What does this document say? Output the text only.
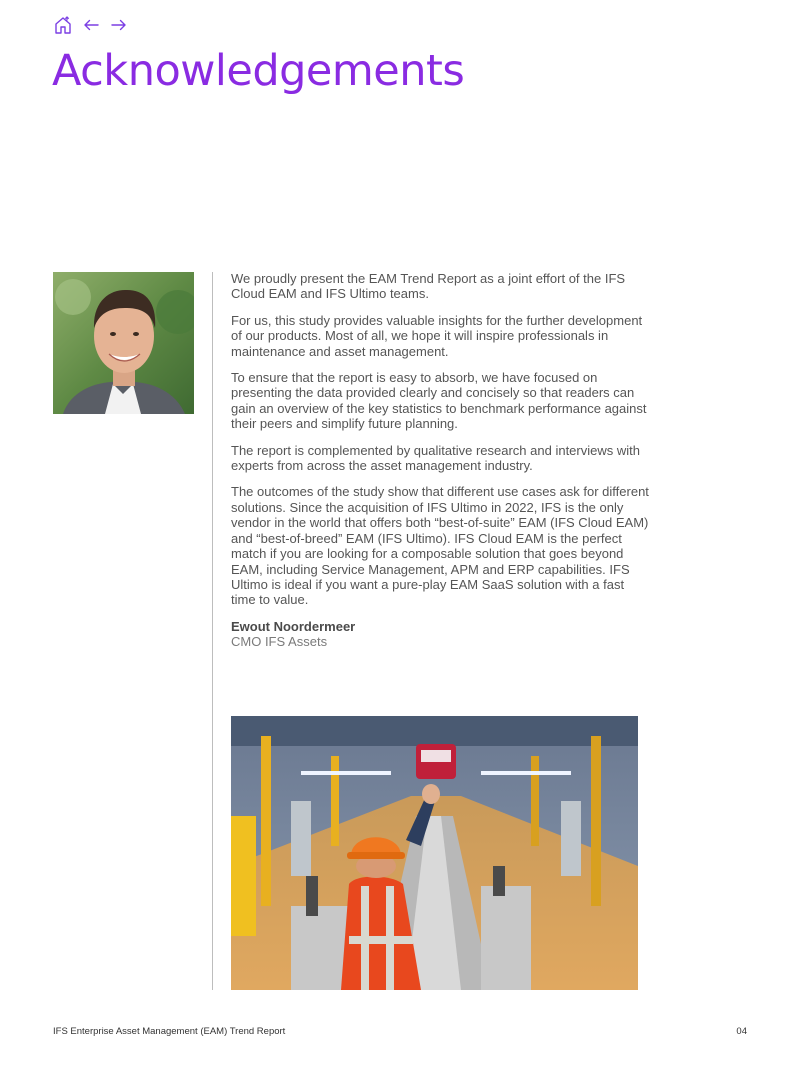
Acknowledgements

We proudly present the EAM Trend Report as a joint effort of the IFS Cloud EAM and IFS Ultimo teams.

For us, this study provides valuable insights for the further development of our products. Most of all, we hope it will inspire professionals in maintenance and asset management.

To ensure that the report is easy to absorb, we have focused on presenting the data provided clearly and concisely so that readers can gain an overview of the key statistics to benchmark performance against their peers and simplify future planning.

The report is complemented by qualitative research and interviews with experts from across the asset management industry.

The outcomes of the study show that different use cases ask for different solutions. Since the acquisition of IFS Ultimo in 2022, IFS is the only vendor in the world that offers both “best-of-suite” EAM (IFS Cloud EAM) and “best-of-breed” EAM (IFS Ultimo). IFS Cloud EAM is the perfect match if you are looking for a composable solution that goes beyond EAM, including Service Management, APM and ERP capabilities. IFS Ultimo is ideal if you want a pure-play EAM SaaS solution with a fast time to value.

Ewout Noordermeer
CMO IFS Assets
IFS Enterprise Asset Management (EAM) Trend Report	04
